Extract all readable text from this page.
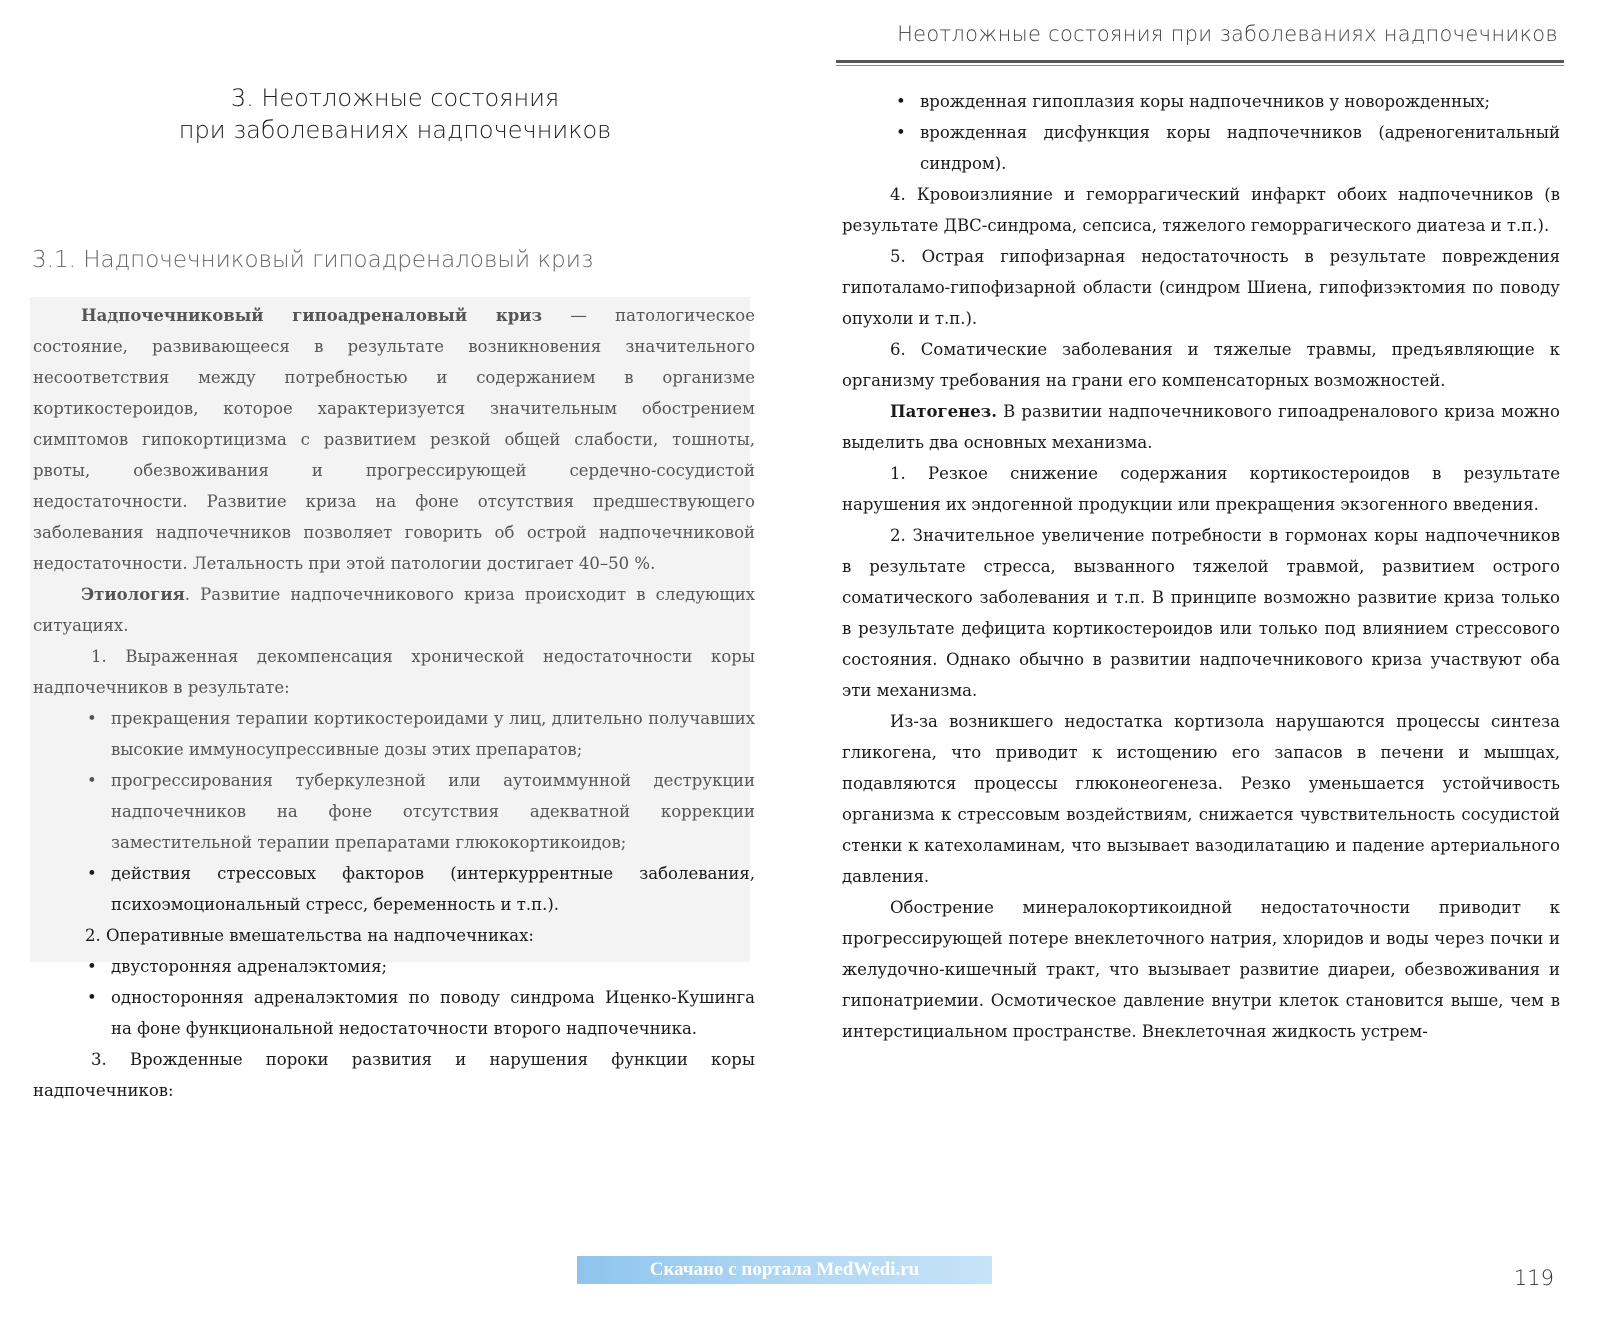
3. Неотложные состояния
при заболеваниях надпочечников
3.1. Надпочечниковый гипоадреналовый криз

Надпочечниковый гипоадреналовый криз — патологическое состояние, развивающееся в результате возникновения значительного несоответствия между потребностью и содержанием в организме кортикостероидов, которое характеризуется значительным обострением симптомов гипокортицизма с развитием резкой общей слабости, тошноты, рвоты, обезвоживания и прогрессирующей сердечно-сосудистой недостаточности. Развитие криза на фоне отсутствия предшествующего заболевания надпочечников позволяет говорить об острой надпочечниковой недостаточности. Летальность при этой патологии достигает 40–50 %.

Этиология. Развитие надпочечникового криза происходит в следующих ситуациях.

1. Выраженная декомпенсация хронической недостаточности коры надпочечников в результате:

• прекращения терапии кортикостероидами у лиц, длительно получавших высокие иммуносупрессивные дозы этих препаратов;

• прогрессирования туберкулезной или аутоиммунной деструкции надпочечников на фоне отсутствия адекватной коррекции заместительной терапии препаратами глюкокортикоидов;

• действия стрессовых факторов (интеркуррентные заболевания, психоэмоциональный стресс, беременность и т.п.).

2. Оперативные вмешательства на надпочечниках:

• двусторонняя адреналэктомия;

• односторонняя адреналэктомия по поводу синдрома Иценко-Кушинга на фоне функциональной недостаточности второго надпочечника.

3. Врожденные пороки развития и нарушения функции коры надпочечников:

Неотложные состояния при заболеваниях надпочечников

• врожденная гипоплазия коры надпочечников у новорожденных;

• врожденная дисфункция коры надпочечников (адреногенитальный синдром).

4. Кровоизлияние и геморрагический инфаркт обоих надпочечников (в результате ДВС-синдрома, сепсиса, тяжелого геморрагического диатеза и т.п.).

5. Острая гипофизарная недостаточность в результате повреждения гипоталамо-гипофизарной области (синдром Шиена, гипофизэктомия по поводу опухоли и т.п.).

6. Соматические заболевания и тяжелые травмы, предъявляющие к организму требования на грани его компенсаторных возможностей.

Патогенез. В развитии надпочечникового гипоадреналового криза можно выделить два основных механизма.

1. Резкое снижение содержания кортикостероидов в результате нарушения их эндогенной продукции или прекращения экзогенного введения.

2. Значительное увеличение потребности в гормонах коры надпочечников в результате стресса, вызванного тяжелой травмой, развитием острого соматического заболевания и т.п. В принципе возможно развитие криза только в результате дефицита кортикостероидов или только под влиянием стрессового состояния. Однако обычно в развитии надпочечникового криза участвуют оба эти механизма.

Из-за возникшего недостатка кортизола нарушаются процессы синтеза гликогена, что приводит к истощению его запасов в печени и мышцах, подавляются процессы глюконеогенеза. Резко уменьшается устойчивость организма к стрессовым воздействиям, снижается чувствительность сосудистой стенки к катехоламинам, что вызывает вазодилатацию и падение артериального давления.

Обострение минералокортикоидной недостаточности приводит к прогрессирующей потере внеклеточного натрия, хлоридов и воды через почки и желудочно-кишечный тракт, что вызывает развитие диареи, обезвоживания и гипонатриемии. Осмотическое давление внутри клеток становится выше, чем в интерстициальном пространстве. Внеклеточная жидкость устрем-

119
Скачано с портала MedWedi.ru
